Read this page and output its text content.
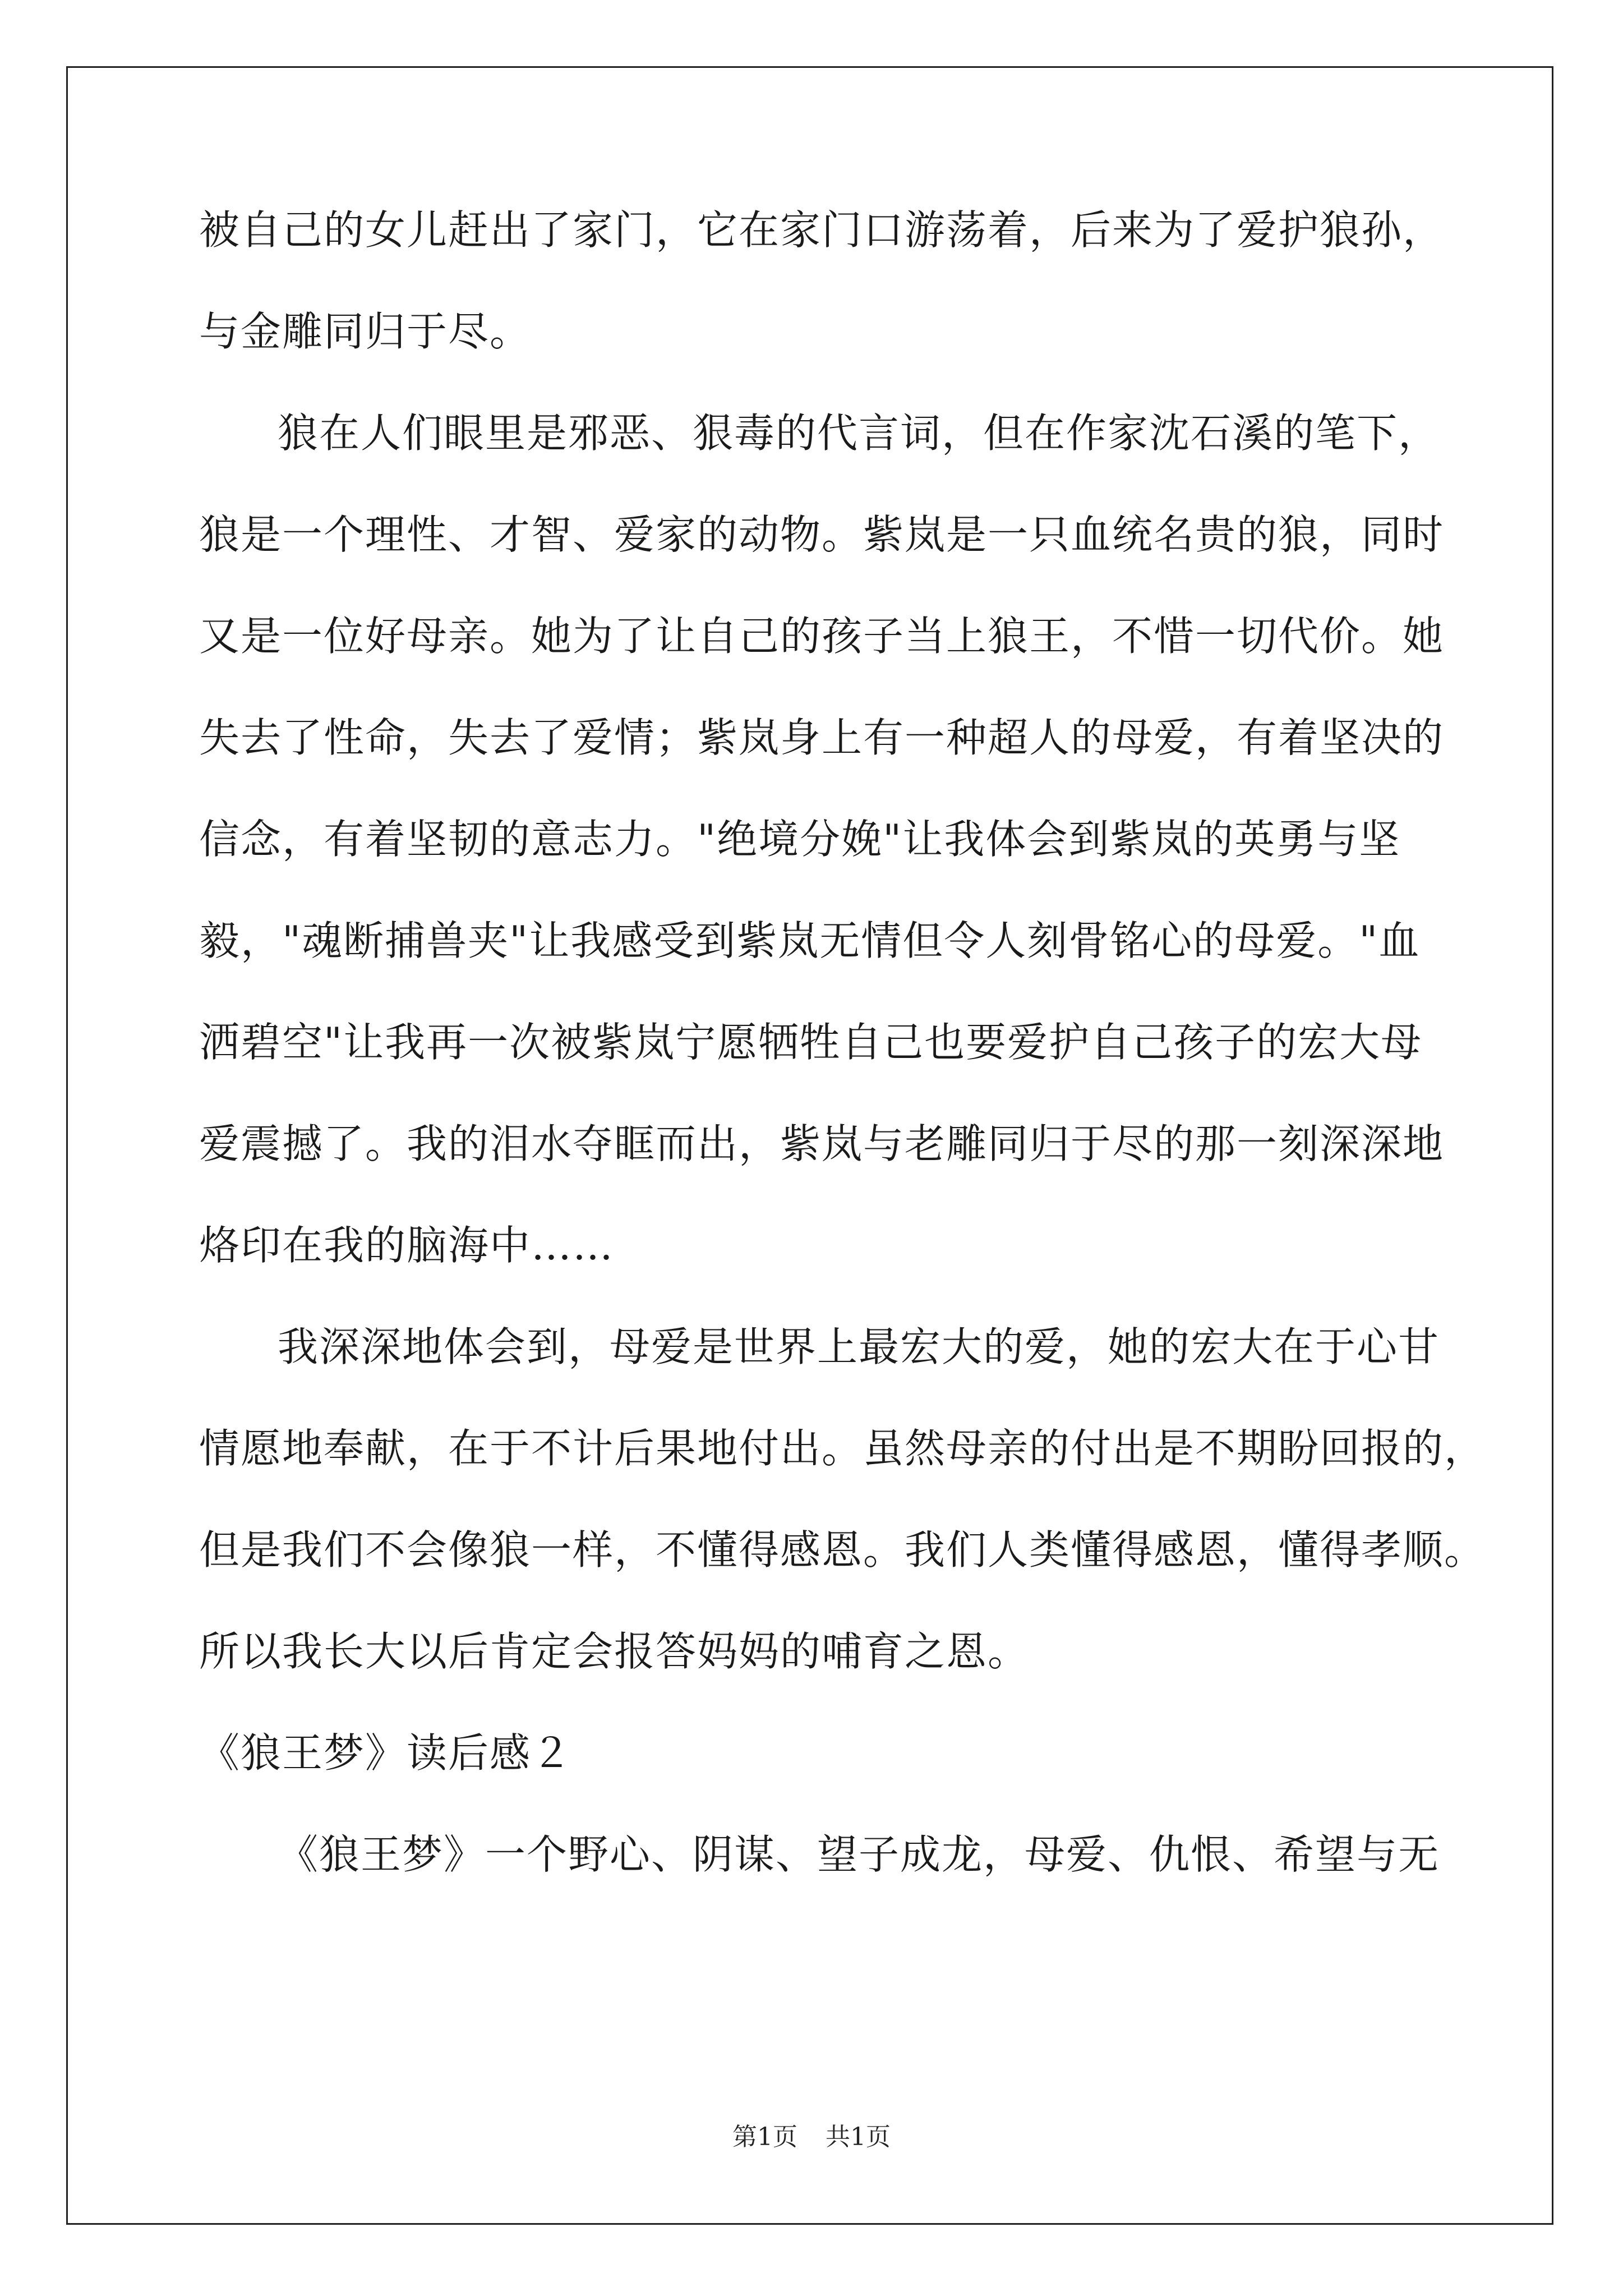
被自己的女儿赶出了家门，它在家门口游荡着，后来为了爱护狼孙，
与金雕同归于尽。
狼在人们眼里是邪恶、狠毒的代言词，但在作家沈石溪的笔下，
狼是一个理性、才智、爱家的动物。紫岚是一只血统名贵的狼，同时
又是一位好母亲。她为了让自己的孩子当上狼王，不惜一切代价。她
失去了性命，失去了爱情；紫岚身上有一种超人的母爱，有着坚决的
信念，有着坚韧的意志力。"绝境分娩"让我体会到紫岚的英勇与坚
毅，"魂断捕兽夹"让我感受到紫岚无情但令人刻骨铭心的母爱。"血
洒碧空"让我再一次被紫岚宁愿牺牲自己也要爱护自己孩子的宏大母
爱震撼了。我的泪水夺眶而出，紫岚与老雕同归于尽的那一刻深深地
烙印在我的脑海中……
我深深地体会到，母爱是世界上最宏大的爱，她的宏大在于心甘
情愿地奉献，在于不计后果地付出。虽然母亲的付出是不期盼回报的，
但是我们不会像狼一样，不懂得感恩。我们人类懂得感恩，懂得孝顺。
所以我长大以后肯定会报答妈妈的哺育之恩。
《狼王梦》读后感２
《狼王梦》一个野心、阴谋、望子成龙，母爱、仇恨、希望与无
第1页 共1页
